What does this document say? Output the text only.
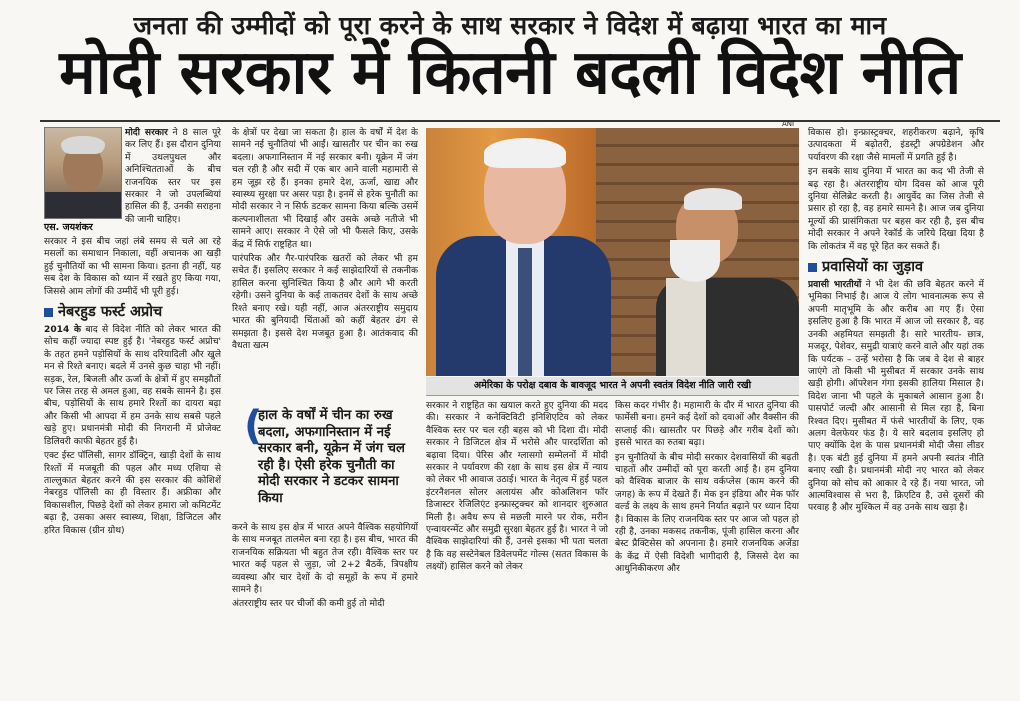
जनता की उम्मीदों को पूरा करने के साथ सरकार ने विदेश में बढ़ाया भारत का मान
मोदी सरकार में कितनी बदली विदेश नीति
एस. जयशंकर

मोदी सरकार ने 8 साल पूरे कर लिए हैं। इस दौरान दुनिया में उथलपुथल और अनिश्चितताओं के बीच राजनयिक स्तर पर इस सरकार ने जो उपलब्धियां हासिल की हैं, उनकी सराहना की जानी चाहिए।

सरकार ने इस बीच जहां लंबे समय से चले आ रहे मसलों का समाधान निकाला, वहीं अचानक आ खड़ी हुई चुनौतियों का भी सामना किया। इतना ही नहीं, यह सब देश के विकास को ध्यान में रखते हुए किया गया, जिससे आम लोगों की उम्मीदें भी पूरी हुई।

नेबरहुड फर्स्ट अप्रोच

2014 के बाद से विदेश नीति को लेकर भारत की सोच कहीं ज्यादा स्पष्ट हुई है। 'नेबरहुड फर्स्ट अप्रोच' के तहत हमने पड़ोसियों के साथ दरियादिली और खुले मन से रिश्ते बनाए। बदले में उनसे कुछ चाहा भी नहीं। सड़क, रेल, बिजली और ऊर्जा के क्षेत्रों में हुए समझौतों पर जिस तरह से अमल हुआ, वह सबके सामने है। इस बीच, पड़ोसियों के साथ हमारे रिश्तों का दायरा बढ़ा और किसी भी आपदा में हम उनके साथ सबसे पहले खड़े हुए। प्रधानमंत्री मोदी की निगरानी में प्रोजेक्ट डिलिवरी काफी बेहतर हुई है।

एक्ट ईस्ट पॉलिसी, सागर डॉक्ट्रिन, खाड़ी देशों के साथ रिश्तों में मजबूती की पहल और मध्य एशिया से ताल्लुकात बेहतर करने की इस सरकार की कोशिशें नेबरहुड पॉलिसी का ही विस्तार हैं। अफ्रीका और विकासशील, पिछड़े देशों को लेकर हमारा जो कमिटमेंट बढ़ा है, उसका असर स्वास्थ्य, शिक्षा, डिजिटल और हरित विकास (ग्रीन ग्रोथ)

के क्षेत्रों पर देखा जा सकता है। हाल के वर्षों में देश के सामने नई चुनौतियां भी आईं। खासतौर पर चीन का रुख बदला। अफगानिस्तान में नई सरकार बनी। यूक्रेन में जंग चल रही है और सदी में एक बार आने वाली महामारी से हम जूझ रहे हैं। इनका हमारे देश, ऊर्जा, खाद्य और स्वास्थ्य सुरक्षा पर असर पड़ा है। इनमें से हरेक चुनौती का मोदी सरकार ने न सिर्फ डटकर सामना किया बल्कि उसमें कल्पनाशीलता भी दिखाई और उसके अच्छे नतीजे भी सामने आए। सरकार ने ऐसे जो भी फैसले किए, उसके केंद्र में सिर्फ राष्ट्रहित था।

पारंपरिक और गैर-पारंपरिक खतरों को लेकर भी हम सचेत हैं। इसलिए सरकार ने कई साझेदारियों से तकनीक हासिल करना सुनिश्चित किया है और आगे भी करती रहेगी। उसने दुनिया के कई ताकतवर देशों के साथ अच्छे रिश्ते बनाए रखे। यही नहीं, आज अंतरराष्ट्रीय समुदाय भारत की बुनियादी चिंताओं को कहीं बेहतर ढंग से समझता है। इससे देश मजबूत हुआ है। आतंकवाद की वैधता खत्म

(
हाल के वर्षों में चीन का रुख बदला, अफगानिस्तान में नई सरकार बनी, यूक्रेन में जंग चल रही है। ऐसी हरेक चुनौती का मोदी सरकार ने डटकर सामना किया

करने के साथ इस क्षेत्र में भारत अपने वैश्विक सहयोगियों के साथ मजबूत तालमेल बना रहा है। इस बीच, भारत की राजनयिक सक्रियता भी बहुत तेज रही। वैश्विक स्तर पर भारत कई पहल से जुड़ा, जो 2+2 बैठकें, त्रिपक्षीय व्यवस्था और चार देशों के दो समूहों के रूप में हमारे सामने है।

अंतरराष्ट्रीय स्तर पर चीजों की कमी हुई तो मोदी

ANI
अमेरिका के परोक्ष दबाव के बावजूद भारत ने अपनी स्वतंत्र विदेश नीति जारी रखी

सरकार ने राष्ट्रहित का खयाल करते हुए दुनिया की मदद की। सरकार ने कनेक्टिविटी इनिशिएटिव को लेकर वैश्विक स्तर पर चल रही बहस को भी दिशा दी। मोदी सरकार ने डिजिटल क्षेत्र में भरोसे और पारदर्शिता को बढ़ावा दिया। पेरिस और ग्लासगो सम्मेलनों में मोदी सरकार ने पर्यावरण की रक्षा के साथ इस क्षेत्र में न्याय को लेकर भी आवाज उठाई। भारत के नेतृत्व में हुई पहल इंटरनैशनल सोलर अलायंस और कोअलिशन फॉर डिजास्टर रेजिलिएंट इन्फ्रास्ट्रक्चर को शानदार शुरुआत मिली है। अवैध रूप से मछली मारने पर रोक, मरीन एन्वायरन्मेंट और समुद्री सुरक्षा बेहतर हुई है। भारत ने जो वैश्विक साझेदारियां की हैं, उनसे इसका भी पता चलता है कि वह सस्टेनेबल डिवेलपमेंट गोल्स (सतत विकास के लक्ष्यों) हासिल करने को लेकर

किस कदर गंभीर है। महामारी के दौर में भारत दुनिया की फार्मेसी बना। हमने कई देशों को दवाओं और वैक्सीन की सप्लाई की। खासतौर पर पिछड़े और गरीब देशों को। इससे भारत का रुतबा बढ़ा।

इन चुनौतियों के बीच मोदी सरकार देशवासियों की बढ़ती चाहतों और उम्मीदों को पूरा करती आई है। हम दुनिया को वैश्विक बाजार के साथ वर्कप्लेस (काम करने की जगह) के रूप में देखते हैं। मेक इन इंडिया और मेक फॉर वर्ल्ड के लक्ष्य के साथ हमने निर्यात बढ़ाने पर ध्यान दिया है। विकास के लिए राजनयिक स्तर पर आज जो पहल हो रही है, उनका मकसद तकनीक, पूंजी हासिल करना और बेस्ट प्रैक्टिसेस को अपनाना है। हमारे राजनयिक अजेंडा के केंद्र में ऐसी विदेशी भागीदारी है, जिससे देश का आधुनिकीकरण और

विकास हो। इन्फ्रास्ट्रक्चर, शहरीकरण बढ़ाने, कृषि उत्पादकता में बढ़ोतरी, इंडस्ट्री अपग्रेडेशन और पर्यावरण की रक्षा जैसे मामलों में प्रगति हुई है।

इन सबके साथ दुनिया में भारत का कद भी तेजी से बढ़ रहा है। अंतरराष्ट्रीय योग दिवस को आज पूरी दुनिया सेलिब्रेट करती है। आयुर्वेद का जिस तेजी से प्रसार हो रहा है, वह हमारे सामने है। आज जब दुनिया मूल्यों की प्रासंगिकता पर बहस कर रही है, इस बीच मोदी सरकार ने अपने रेकॉर्ड के जरिये दिखा दिया है कि लोकतंत्र में वह पूरे हित कर सकते हैं।

प्रवासियों का जुड़ाव

प्रवासी भारतीयों ने भी देश की छवि बेहतर करने में भूमिका निभाई है। आज ये लोग भावनात्मक रूप से अपनी मातृभूमि के और करीब आ गए हैं। ऐसा इसलिए हुआ है कि भारत में आज जो सरकार है, वह उनकी अहमियत समझती है। सारे भारतीय- छात्र, मजदूर, पेशेवर, समुद्री यात्राएं करने वाले और यहां तक कि पर्यटक – उन्हें भरोसा है कि जब वे देश से बाहर जाएंगे तो किसी भी मुसीबत में सरकार उनके साथ खड़ी होगी। ऑपरेशन गंगा इसकी हालिया मिसाल है। विदेश जाना भी पहले के मुकाबले आसान हुआ है। पासपोर्ट जल्दी और आसानी से मिल रहा है, बिना रिश्वत दिए। मुसीबत में फंसे भारतीयों के लिए, एक अलग वेलफेयर फंड है। ये सारे बदलाव इसलिए हो पाए क्योंकि देश के पास प्रधानमंत्री मोदी जैसा लीडर है। एक बंटी हुई दुनिया में हमने अपनी स्वतंत्र नीति बनाए रखी है। प्रधानमंत्री मोदी नए भारत को लेकर दुनिया को सोच को आकार दे रहे हैं। नया भारत, जो आत्मविश्वास से भरा है, क्रिएटिव है, उसे दूसरों की परवाह है और मुश्किल में वह उनके साथ खड़ा है।
